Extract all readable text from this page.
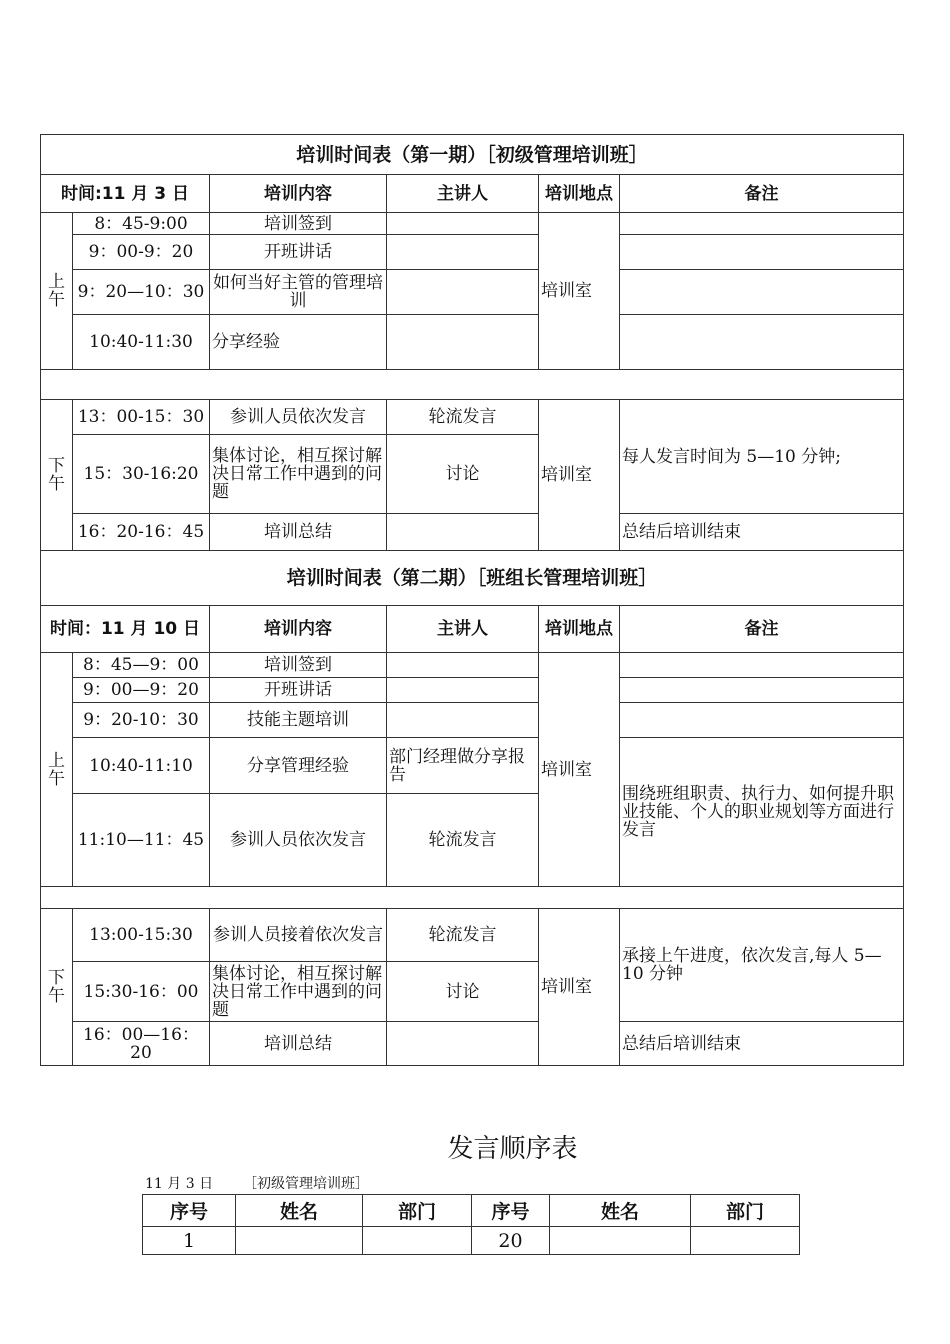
培训时间表（第一期）［初级管理培训班］					
时间:11 月 3 日		培训内容	主讲人	培训地点	备注
上午	8：45-9:00	培训签到		培训室	
	9：00-9：20	开班讲话			
	9：20—10：30	如何当好主管的管理培训			
	10:40-11:30	分享经验			

下午	13：00-15：30	参训人员依次发言	轮流发言	培训室	每人发言时间为 5—10 分钟;
	15：30-16:20	集体讨论，相互探讨解决日常工作中遇到的问题	讨论		
	16：20-16：45	培训总结			总结后培训结束
培训时间表（第二期）［班组长管理培训班］					
时间：11 月 10 日		培训内容	主讲人	培训地点	备注
上午	8：45—9：00	培训签到		培训室	
	9：00—9：20	开班讲话			
	9：20-10：30	技能主题培训			
	10:40-11:10	分享管理经验	部门经理做分享报告		围绕班组职责、执行力、如何提升职业技能、个人的职业规划等方面进行发言
	11:10—11：45	参训人员依次发言	轮流发言		

下午	13:00-15:30	参训人员接着依次发言	轮流发言	培训室	承接上午进度，依次发言,每人 5—10 分钟
	15:30-16：00	集体讨论，相互探讨解决日常工作中遇到的问题	讨论		
	16：00—16：20	培训总结			总结后培训结束
发言顺序表
11 月 3 日 ［初级管理培训班］
序号	姓名	部门	序号	姓名	部门
1			20		
